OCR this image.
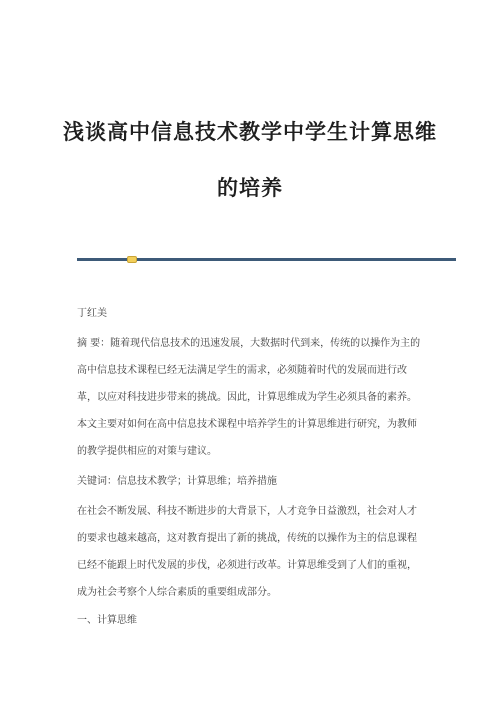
浅谈高中信息技术教学中学生计算思维
的培养
丁红美
摘 要：随着现代信息技术的迅速发展，大数据时代到来，传统的以操作为主的
高中信息技术课程已经无法满足学生的需求，必须随着时代的发展而进行改
革，以应对科技进步带来的挑战。因此，计算思维成为学生必须具备的素养。
本文主要对如何在高中信息技术课程中培养学生的计算思维进行研究，为教师
的教学提供相应的对策与建议。
关键词：信息技术教学；计算思维；培养措施
在社会不断发展、科技不断进步的大背景下，人才竞争日益激烈，社会对人才
的要求也越来越高，这对教育提出了新的挑战，传统的以操作为主的信息课程
已经不能跟上时代发展的步伐，必须进行改革。计算思维受到了人们的重视，
成为社会考察个人综合素质的重要组成部分。
一、计算思维
